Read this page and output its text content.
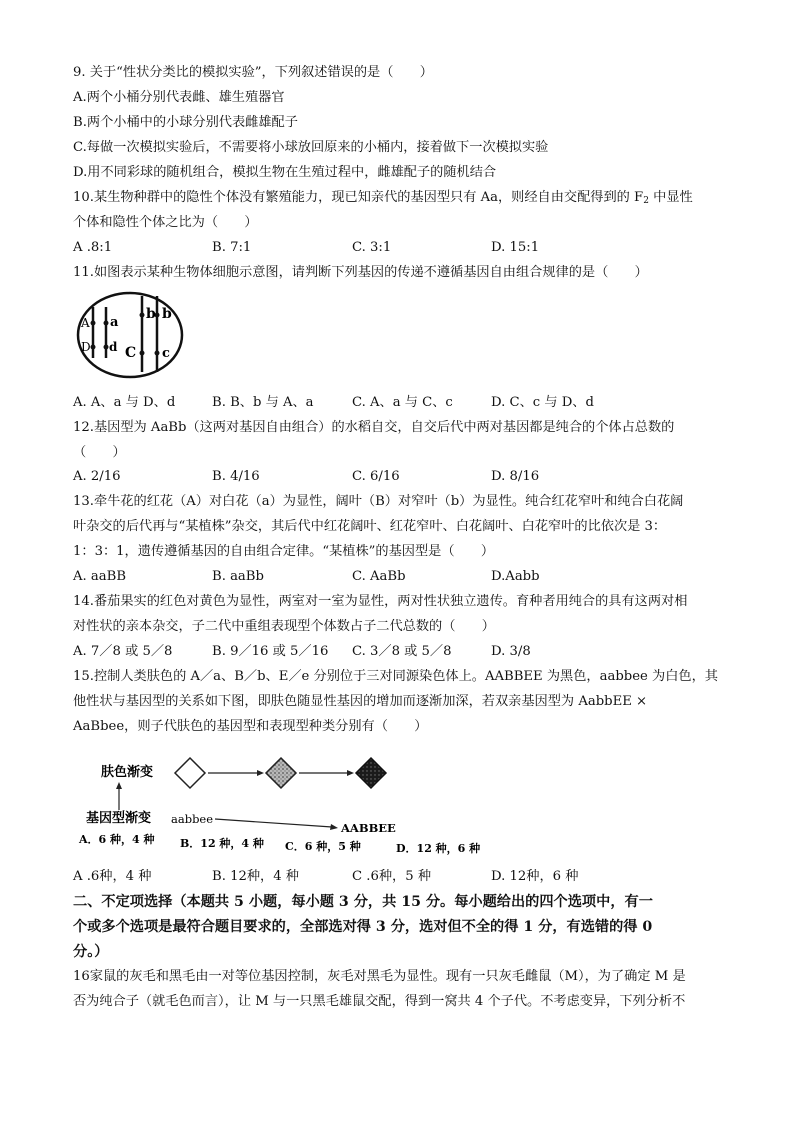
9. 关于“性状分类比的模拟实验”，下列叙述错误的是（　　）
A.两个小桶分别代表雌、雄生殖器官
B.两个小桶中的小球分别代表雌雄配子
C.每做一次模拟实验后，不需要将小球放回原来的小桶内，接着做下一次模拟实验
D.用不同彩球的随机组合，模拟生物在生殖过程中，雌雄配子的随机结合
10.某生物种群中的隐性个体没有繁殖能力，现已知亲代的基因型只有 Aa，则经自由交配得到的 $F_2$ 中显性
个体和隐性个体之比为（　　）
A .8:1	B. 7:1	C. 3:1	D. 15:1
11.如图表示某种生物体细胞示意图，请判断下列基因的传递不遵循基因自由组合规律的是（　　）
A a
b b
D d C c
A. A、a 与 D、d	B. B、b 与 A、a	C. A、a 与 C、c	D. C、c 与 D、d
12.基因型为 AaBb（这两对基因自由组合）的水稻自交，自交后代中两对基因都是纯合的个体占总数的
（　　）
A. 2/16	B. 4/16	C. 6/16	D. 8/16
13.牵牛花的红花（A）对白花（a）为显性，阔叶（B）对窄叶（b）为显性。纯合红花窄叶和纯合白花阔
叶杂交的后代再与“某植株”杂交，其后代中红花阔叶、红花窄叶、白花阔叶、白花窄叶的比依次是 3：
1：3：1，遗传遵循基因的自由组合定律。“某植株”的基因型是（　　）
A. aaBB	B. aaBb	C. AaBb	D.Aabb
14.番茄果实的红色对黄色为显性，两室对一室为显性，两对性状独立遗传。育种者用纯合的具有这两对相
对性状的亲本杂交，子二代中重组表现型个体数占子二代总数的（　　）
A. 7／8 或 5／8	B. 9／16 或 5／16 C. 3／8 或 5／8	D. 3/8
15.控制人类肤色的 A／a、B／b、E／e 分别位于三对同源染色体上。AABBEE 为黑色，aabbee 为白色，其
他性状与基因型的关系如下图，即肤色随显性基因的增加而逐渐加深，若双亲基因型为 AabbEE ×
AaBbee，则子代肤色的基因型和表现型种类分别有（　　）
肤色渐变
基因型渐变 aabbee
AABBEE
A．6 种，4 种 B．12 种，4 种 C．6 种，5 种	D．12 种，6 种
A .6种，4 种	B. 12种，4 种	C .6种，5 种	D. 12种，6 种
二、不定项选择（本题共 5 小题，每小题 3 分，共 15 分。每小题给出的四个选项中，有一
个或多个选项是最符合题目要求的，全部选对得 3 分，选对但不全的得 1 分，有选错的得 0
分。）
16家鼠的灰毛和黑毛由一对等位基因控制，灰毛对黑毛为显性。现有一只灰毛雌鼠（M），为了确定 M 是
否为纯合子（就毛色而言），让 M 与一只黑毛雄鼠交配，得到一窝共 4 个子代。不考虑变异，下列分析不
